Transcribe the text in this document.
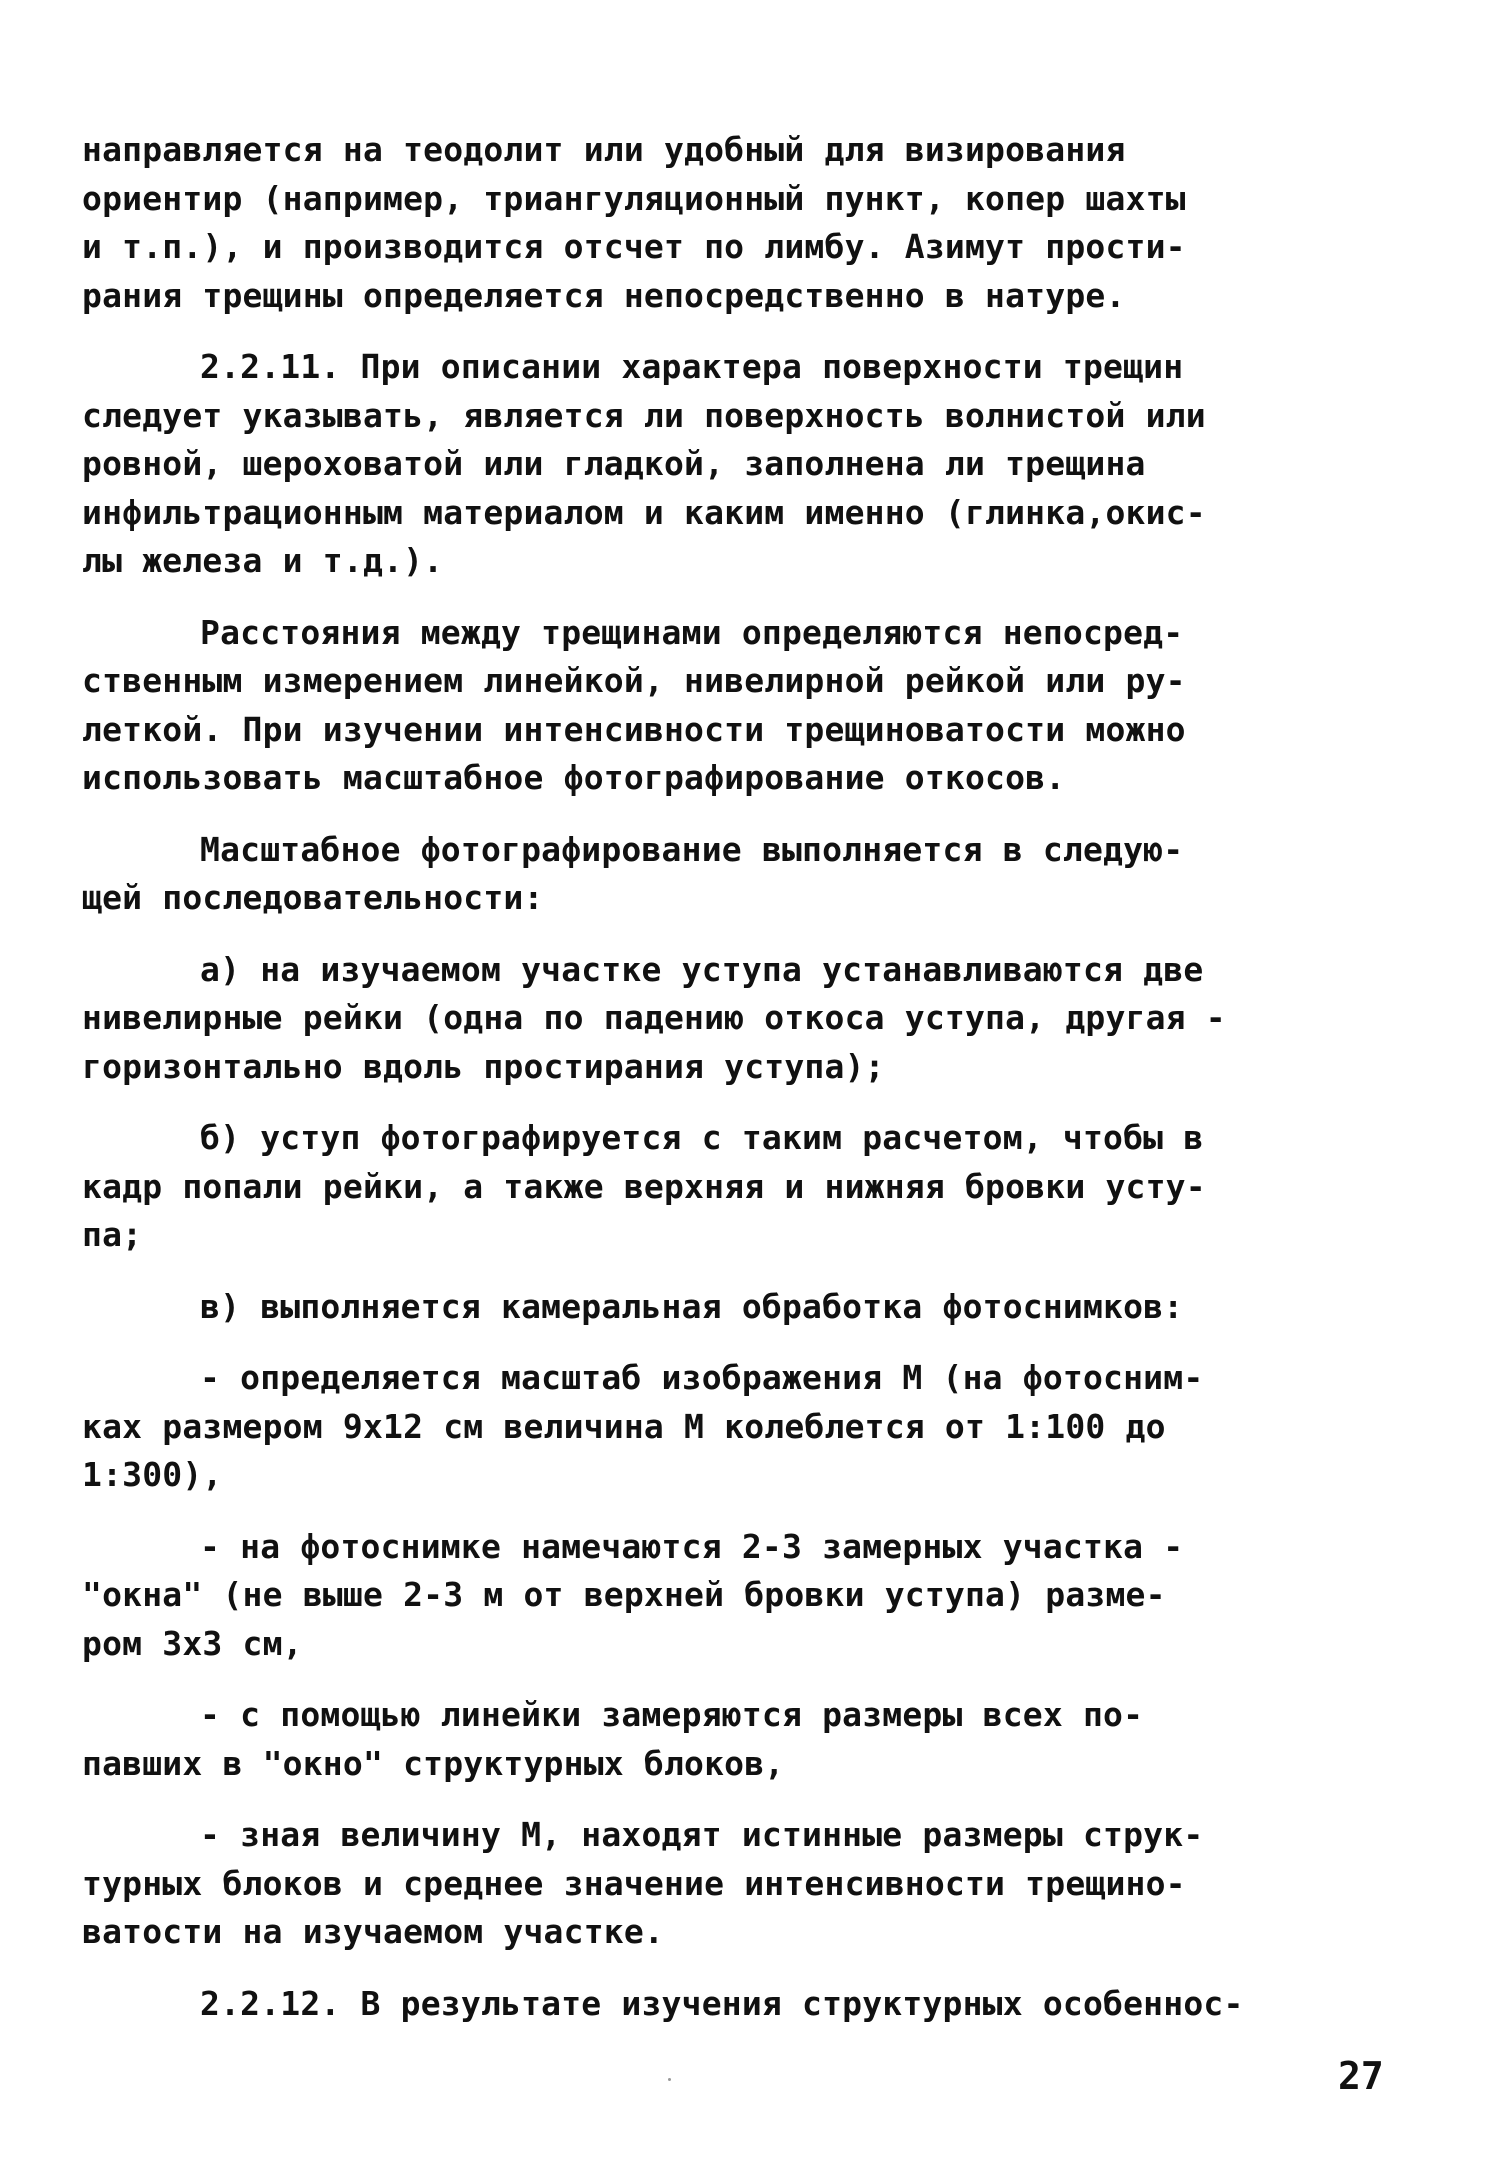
направляется на теодолит или удобный для визирования
ориентир (например, триангуляционный пункт, копер шахты
и т.п.), и производится отсчет по лимбу. Азимут прости-
рания трещины определяется непосредственно в натуре.
2.2.11. При описании характера поверхности трещин
следует указывать, является ли поверхность волнистой или
ровной, шероховатой или гладкой, заполнена ли трещина
инфильтрационным материалом и каким именно (глинка,окис-
лы железа и т.д.).
Расстояния между трещинами определяются непосред-
ственным измерением линейкой, нивелирной рейкой или ру-
леткой. При изучении интенсивности трещиноватости можно
использовать масштабное фотографирование откосов.
Масштабное фотографирование выполняется в следую-
щей последовательности:
а) на изучаемом участке уступа устанавливаются две
нивелирные рейки (одна по падению откоса уступа, другая -
горизонтально вдоль простирания уступа);
б) уступ фотографируется с таким расчетом, чтобы в
кадр попали рейки, а также верхняя и нижняя бровки усту-
па;
в) выполняется камеральная обработка фотоснимков:
- определяется масштаб изображения М (на фотосним-
ках размером 9х12 см величина М колеблется от 1:100 до
1:300),
- на фотоснимке намечаются 2-3 замерных участка -
"окна" (не выше 2-3 м от верхней бровки уступа) разме-
ром 3х3 см,
- с помощью линейки замеряются размеры всех по-
павших в "окно" структурных блоков,
- зная величину М, находят истинные размеры струк-
турных блоков и среднее значение интенсивности трещино-
ватости на изучаемом участке.
2.2.12. В результате изучения структурных особеннос-
27
